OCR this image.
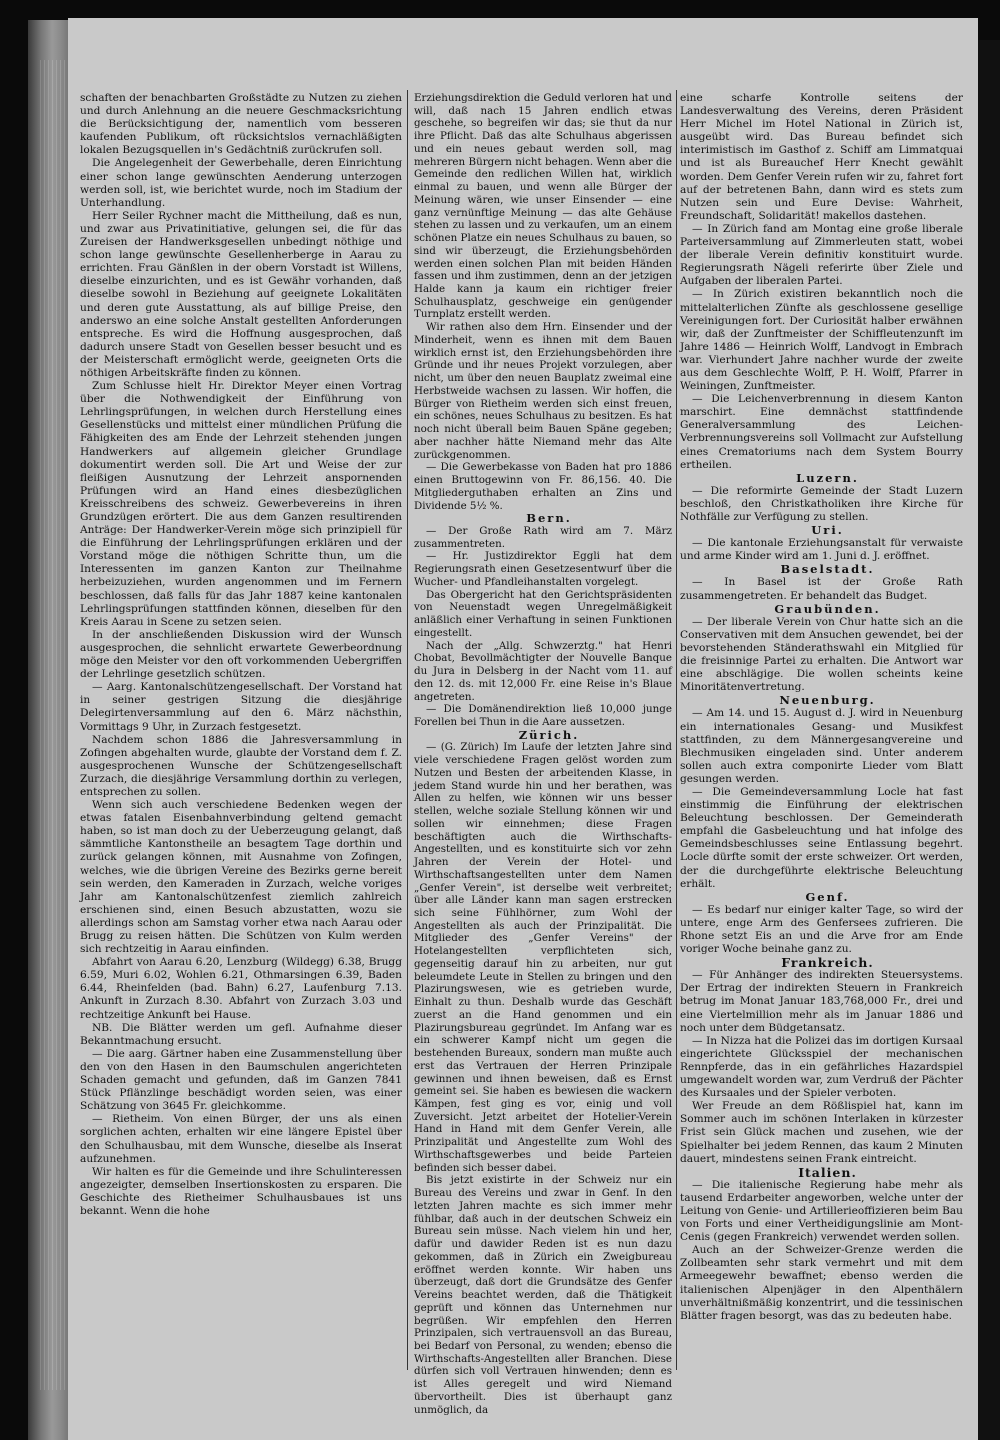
schaften der benachbarten Großstädte zu Nutzen zu ziehen und durch Anlehnung an die neuere Geschmacksrichtung die Berücksichtigung der, namentlich vom besseren kaufenden Publikum, oft rücksichtslos vernachläßigten lokalen Bezugsquellen in's Gedächtniß zurückrufen soll.

Die Angelegenheit der Gewerbehalle, deren Einrichtung einer schon lange gewünschten Aenderung unterzogen werden soll, ist, wie berichtet wurde, noch im Stadium der Unterhandlung.

Herr Seiler Rychner macht die Mittheilung, daß es nun, und zwar aus Privatinitiative, gelungen sei, die für das Zureisen der Handwerksgesellen unbedingt nöthige und schon lange gewünschte Gesellenherberge in Aarau zu errichten. Frau Gänßlen in der obern Vorstadt ist Willens, dieselbe einzurichten, und es ist Gewähr vorhanden, daß dieselbe sowohl in Beziehung auf geeignete Lokalitäten und deren gute Ausstattung, als auf billige Preise, den anderswo an eine solche Anstalt gestellten Anforderungen entspreche. Es wird die Hoffnung ausgesprochen, daß dadurch unsere Stadt von Gesellen besser besucht und es der Meisterschaft ermöglicht werde, geeigneten Orts die nöthigen Arbeitskräfte finden zu können.

Zum Schlusse hielt Hr. Direktor Meyer einen Vortrag über die Nothwendigkeit der Einführung von Lehrlingsprüfungen, in welchen durch Herstellung eines Gesellenstücks und mittelst einer mündlichen Prüfung die Fähigkeiten des am Ende der Lehrzeit stehenden jungen Handwerkers auf allgemein gleicher Grundlage dokumentirt werden soll. Die Art und Weise der zur fleißigen Ausnutzung der Lehrzeit anspornenden Prüfungen wird an Hand eines diesbezüglichen Kreisschreibens des schweiz. Gewerbevereins in ihren Grundzügen erörtert. Die aus dem Ganzen resultirenden Anträge: Der Handwerker-Verein möge sich prinzipiell für die Einführung der Lehrlingsprüfungen erklären und der Vorstand möge die nöthigen Schritte thun, um die Interessenten im ganzen Kanton zur Theilnahme herbeizuziehen, wurden angenommen und im Fernern beschlossen, daß falls für das Jahr 1887 keine kantonalen Lehrlingsprüfungen stattfinden können, dieselben für den Kreis Aarau in Scene zu setzen seien.

In der anschließenden Diskussion wird der Wunsch ausgesprochen, die sehnlicht erwartete Gewerbeordnung möge den Meister vor den oft vorkommenden Uebergriffen der Lehrlinge gesetzlich schützen.

— Aarg. Kantonalschützengesellschaft. Der Vorstand hat in seiner gestrigen Sitzung die diesjährige Delegirtenversammlung auf den 6. März nächsthin, Vormittags 9 Uhr, in Zurzach festgesetzt.

Nachdem schon 1886 die Jahresversammlung in Zofingen abgehalten wurde, glaubte der Vorstand dem f. Z. ausgesprochenen Wunsche der Schützengesellschaft Zurzach, die diesjährige Versammlung dorthin zu verlegen, entsprechen zu sollen.

Wenn sich auch verschiedene Bedenken wegen der etwas fatalen Eisenbahnverbindung geltend gemacht haben, so ist man doch zu der Ueberzeugung gelangt, daß sämmtliche Kantonstheile an besagtem Tage dorthin und zurück gelangen können, mit Ausnahme von Zofingen, welches, wie die übrigen Vereine des Bezirks gerne bereit sein werden, den Kameraden in Zurzach, welche voriges Jahr am Kantonalschützenfest ziemlich zahlreich erschienen sind, einen Besuch abzustatten, wozu sie allerdings schon am Samstag vorher etwa nach Aarau oder Brugg zu reisen hätten. Die Schützen von Kulm werden sich rechtzeitig in Aarau einfinden.

Abfahrt von Aarau 6.20, Lenzburg (Wildegg) 6.38, Brugg 6.59, Muri 6.02, Wohlen 6.21, Othmarsingen 6.39, Baden 6.44, Rheinfelden (bad. Bahn) 6.27, Laufenburg 7.13. Ankunft in Zurzach 8.30. Abfahrt von Zurzach 3.03 und rechtzeitige Ankunft bei Hause.

NB. Die Blätter werden um gefl. Aufnahme dieser Bekanntmachung ersucht.

— Die aarg. Gärtner haben eine Zusammenstellung über den von den Hasen in den Baumschulen angerichteten Schaden gemacht und gefunden, daß im Ganzen 7841 Stück Pflänzlinge beschädigt worden seien, was einer Schätzung von 3645 Fr. gleichkomme.

— Rietheim. Von einen Bürger, der uns als einen sorglichen achten, erhalten wir eine längere Epistel über den Schulhausbau, mit dem Wunsche, dieselbe als Inserat aufzunehmen.

Wir halten es für die Gemeinde und ihre Schulinteressen angezeigter, demselben Insertionskosten zu ersparen. Die Geschichte des Rietheimer Schulhausbaues ist uns bekannt. Wenn die hohe

Erziehungsdirektion die Geduld verloren hat und will, daß nach 15 Jahren endlich etwas geschehe, so begreifen wir das; sie thut da nur ihre Pflicht. Daß das alte Schulhaus abgerissen und ein neues gebaut werden soll, mag mehreren Bürgern nicht behagen. Wenn aber die Gemeinde den redlichen Willen hat, wirklich einmal zu bauen, und wenn alle Bürger der Meinung wären, wie unser Einsender — eine ganz vernünftige Meinung — das alte Gehäuse stehen zu lassen und zu verkaufen, um an einem schönen Platze ein neues Schulhaus zu bauen, so sind wir überzeugt, die Erziehungsbehörden werden einen solchen Plan mit beiden Händen fassen und ihm zustimmen, denn an der jetzigen Halde kann ja kaum ein richtiger freier Schulhausplatz, geschweige ein genügender Turnplatz erstellt werden.

Wir rathen also dem Hrn. Einsender und der Minderheit, wenn es ihnen mit dem Bauen wirklich ernst ist, den Erziehungsbehörden ihre Gründe und ihr neues Projekt vorzulegen, aber nicht, um über den neuen Bauplatz zweimal eine Herbstweide wachsen zu lassen. Wir hoffen, die Bürger von Rietheim werden sich einst freuen, ein schönes, neues Schulhaus zu besitzen. Es hat noch nicht überall beim Bauen Späne gegeben; aber nachher hätte Niemand mehr das Alte zurückgenommen.

— Die Gewerbekasse von Baden hat pro 1886 einen Bruttogewinn von Fr. 86,156. 40. Die Mitgliederguthaben erhalten an Zins und Dividende 5½ %.

Bern.

— Der Große Rath wird am 7. März zusammentreten.

— Hr. Justizdirektor Eggli hat dem Regierungsrath einen Gesetzesentwurf über die Wucher- und Pfandleihanstalten vorgelegt.

Das Obergericht hat den Gerichtspräsidenten von Neuenstadt wegen Unregelmäßigkeit anläßlich einer Verhaftung in seinen Funktionen eingestellt.

Nach der „Allg. Schwzerztg." hat Henri Chobat, Bevollmächtigter der Nouvelle Banque du Jura in Delsberg in der Nacht vom 11. auf den 12. ds. mit 12,000 Fr. eine Reise in's Blaue angetreten.

— Die Domänendirektion ließ 10,000 junge Forellen bei Thun in die Aare aussetzen.

Zürich.

— (G. Zürich) Im Laufe der letzten Jahre sind viele verschiedene Fragen gelöst worden zum Nutzen und Besten der arbeitenden Klasse, in jedem Stand wurde hin und her berathen, was Allen zu helfen, wie können wir uns besser stellen, welche soziale Stellung können wir und sollen wir einnehmen; diese Fragen beschäftigten auch die Wirthschafts-Angestellten, und es konstituirte sich vor zehn Jahren der Verein der Hotel- und Wirthschaftsangestellten unter dem Namen „Genfer Verein", ist derselbe weit verbreitet; über alle Länder kann man sagen erstrecken sich seine Fühlhörner, zum Wohl der Angestellten als auch der Prinzipalität. Die Mitglieder des „Genfer Vereins" der Hotelangestellten verpflichteten sich, gegenseitig darauf hin zu arbeiten, nur gut beleumdete Leute in Stellen zu bringen und den Plazirungswesen, wie es getrieben wurde, Einhalt zu thun. Deshalb wurde das Geschäft zuerst an die Hand genommen und ein Plazirungsbureau gegründet. Im Anfang war es ein schwerer Kampf nicht um gegen die bestehenden Bureaux, sondern man mußte auch erst das Vertrauen der Herren Prinzipale gewinnen und ihnen beweisen, daß es Ernst gemeint sei. Sie haben es bewiesen die wackern Kämpen, fest ging es vor, einig und voll Zuversicht. Jetzt arbeitet der Hotelier-Verein Hand in Hand mit dem Genfer Verein, alle Prinzipalität und Angestellte zum Wohl des Wirthschaftsgewerbes und beide Parteien befinden sich besser dabei.

Bis jetzt existirte in der Schweiz nur ein Bureau des Vereins und zwar in Genf. In den letzten Jahren machte es sich immer mehr fühlbar, daß auch in der deutschen Schweiz ein Bureau sein müsse. Nach vielem hin und her, dafür und dawider Reden ist es nun dazu gekommen, daß in Zürich ein Zweigbureau eröffnet werden konnte. Wir haben uns überzeugt, daß dort die Grundsätze des Genfer Vereins beachtet werden, daß die Thätigkeit geprüft und können das Unternehmen nur begrüßen. Wir empfehlen den Herren Prinzipalen, sich vertrauensvoll an das Bureau, bei Bedarf von Personal, zu wenden; ebenso die Wirthschafts-Angestellten aller Branchen. Diese dürfen sich voll Vertrauen hinwenden; denn es ist Alles geregelt und wird Niemand übervortheilt. Dies ist überhaupt ganz unmöglich, da

eine scharfe Kontrolle seitens der Landesverwaltung des Vereins, deren Präsident Herr Michel im Hotel National in Zürich ist, ausgeübt wird. Das Bureau befindet sich interimistisch im Gasthof z. Schiff am Limmatquai und ist als Bureauchef Herr Knecht gewählt worden. Dem Genfer Verein rufen wir zu, fahret fort auf der betretenen Bahn, dann wird es stets zum Nutzen sein und Eure Devise: Wahrheit, Freundschaft, Solidarität! makellos dastehen.

— In Zürich fand am Montag eine große liberale Parteiversammlung auf Zimmerleuten statt, wobei der liberale Verein definitiv konstituirt wurde. Regierungsrath Nägeli referirte über Ziele und Aufgaben der liberalen Partei.

— In Zürich existiren bekanntlich noch die mittelalterlichen Zünfte als geschlossene gesellige Vereinigungen fort. Der Curiosität halber erwähnen wir, daß der Zunftmeister der Schiffleutenzunft im Jahre 1486 — Heinrich Wolff, Landvogt in Embrach war. Vierhundert Jahre nachher wurde der zweite aus dem Geschlechte Wolff, P. H. Wolff, Pfarrer in Weiningen, Zunftmeister.

— Die Leichenverbrennung in diesem Kanton marschirt. Eine demnächst stattfindende Generalversammlung des Leichen-Verbrennungsvereins soll Vollmacht zur Aufstellung eines Crematoriums nach dem System Bourry ertheilen.

Luzern.

— Die reformirte Gemeinde der Stadt Luzern beschloß, den Christkatholiken ihre Kirche für Nothfälle zur Verfügung zu stellen.

Uri.

— Die kantonale Erziehungsanstalt für verwaiste und arme Kinder wird am 1. Juni d. J. eröffnet.

Baselstadt.

— In Basel ist der Große Rath zusammengetreten. Er behandelt das Budget.

Graubünden.

— Der liberale Verein von Chur hatte sich an die Conservativen mit dem Ansuchen gewendet, bei der bevorstehenden Ständerathswahl ein Mitglied für die freisinnige Partei zu erhalten. Die Antwort war eine abschlägige. Die wollen scheints keine Minoritätenvertretung.

Neuenburg.

— Am 14. und 15. August d. J. wird in Neuenburg ein internationales Gesang- und Musikfest stattfinden, zu dem Männergesangvereine und Blechmusiken eingeladen sind. Unter anderem sollen auch extra componirte Lieder vom Blatt gesungen werden.

— Die Gemeindeversammlung Locle hat fast einstimmig die Einführung der elektrischen Beleuchtung beschlossen. Der Gemeinderath empfahl die Gasbeleuchtung und hat infolge des Gemeindsbeschlusses seine Entlassung begehrt. Locle dürfte somit der erste schweizer. Ort werden, der die durchgeführte elektrische Beleuchtung erhält.

Genf.

— Es bedarf nur einiger kalter Tage, so wird der untere, enge Arm des Genfersees zufrieren. Die Rhone setzt Eis an und die Arve fror am Ende voriger Woche beinahe ganz zu.

Frankreich.

— Für Anhänger des indirekten Steuersystems. Der Ertrag der indirekten Steuern in Frankreich betrug im Monat Januar 183,768,000 Fr., drei und eine Viertelmillion mehr als im Januar 1886 und noch unter dem Büdgetansatz.

— In Nizza hat die Polizei das im dortigen Kursaal eingerichtete Glücksspiel der mechanischen Rennpferde, das in ein gefährliches Hazardspiel umgewandelt worden war, zum Verdruß der Pächter des Kursaales und der Spieler verboten.

Wer Freude an dem Rößlispiel hat, kann im Sommer auch im schönen Interlaken in kürzester Frist sein Glück machen und zusehen, wie der Spielhalter bei jedem Rennen, das kaum 2 Minuten dauert, mindestens seinen Frank eintreicht.

Italien.

— Die italienische Regierung habe mehr als tausend Erdarbeiter angeworben, welche unter der Leitung von Genie- und Artillerieoffizieren beim Bau von Forts und einer Vertheidigungslinie am Mont-Cenis (gegen Frankreich) verwendet werden sollen.

Auch an der Schweizer-Grenze werden die Zollbeamten sehr stark vermehrt und mit dem Armeegewehr bewaffnet; ebenso werden die italienischen Alpenjäger in den Alpenthälern unverhältnißmäßig konzentrirt, und die tessinischen Blätter fragen besorgt, was das zu bedeuten habe.
